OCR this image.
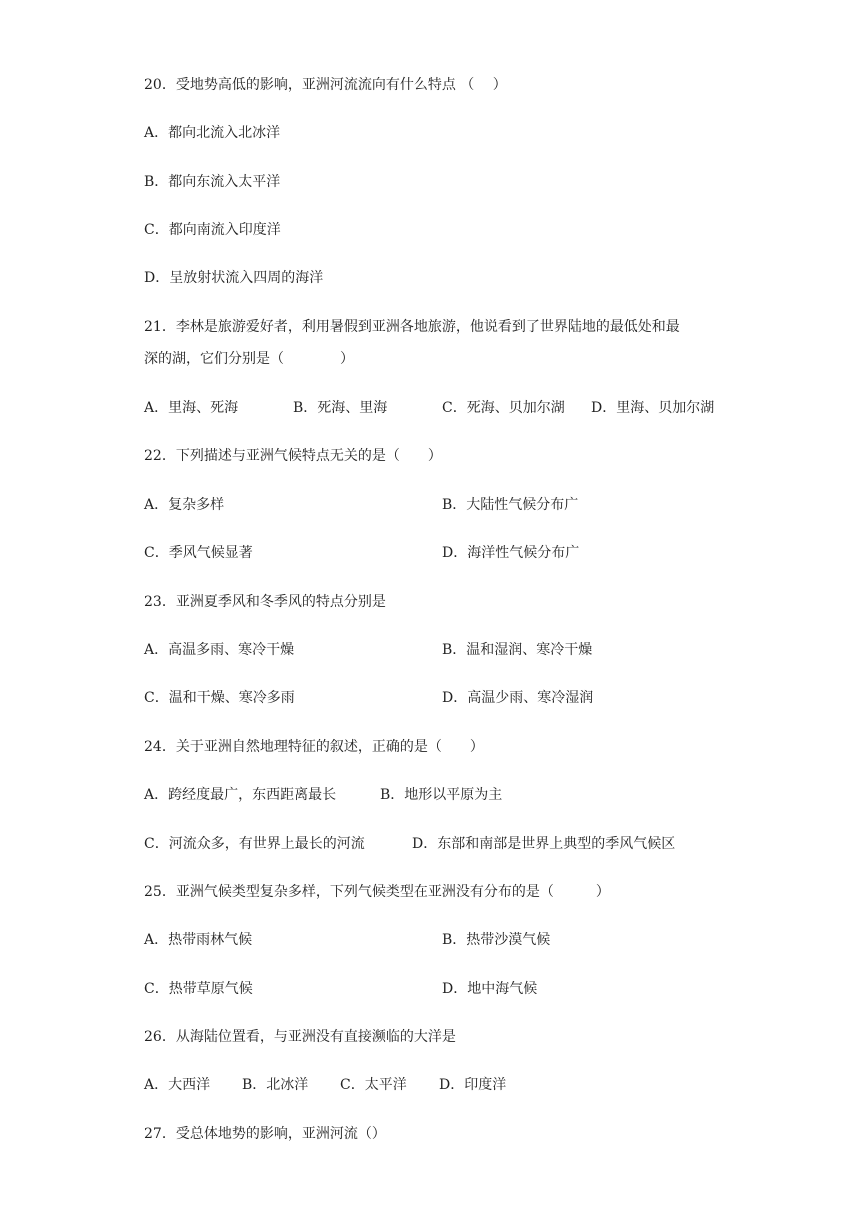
20．受地势高低的影响，亚洲河流流向有什么特点 （　 ）
A．都向北流入北冰洋
B．都向东流入太平洋
C．都向南流入印度洋
D．呈放射状流入四周的海洋
21．李林是旅游爱好者，利用暑假到亚洲各地旅游，他说看到了世界陆地的最低处和最
深的湖，它们分别是（　　　　）
A．里海、死海	B．死海、里海	C．死海、贝加尔湖 D．里海、贝加尔湖
22．下列描述与亚洲气候特点无关的是（　　）
A．复杂多样	B．大陆性气候分布广
C．季风气候显著	D．海洋性气候分布广
23．亚洲夏季风和冬季风的特点分别是
A．高温多雨、寒冷干燥	B．温和湿润、寒冷干燥
C．温和干燥、寒冷多雨	D．高温少雨、寒冷湿润
24．关于亚洲自然地理特征的叙述，正确的是（　　）
A．跨经度最广，东西距离最长	B．地形以平原为主
C．河流众多，有世界上最长的河流	D．东部和南部是世界上典型的季风气候区
25．亚洲气候类型复杂多样，下列气候类型在亚洲没有分布的是（　　　）
A．热带雨林气候	B．热带沙漠气候
C．热带草原气候	D．地中海气候
26．从海陆位置看，与亚洲没有直接濒临的大洋是
A．大西洋 B．北冰洋 C．太平洋 D．印度洋
27．受总体地势的影响，亚洲河流（）
